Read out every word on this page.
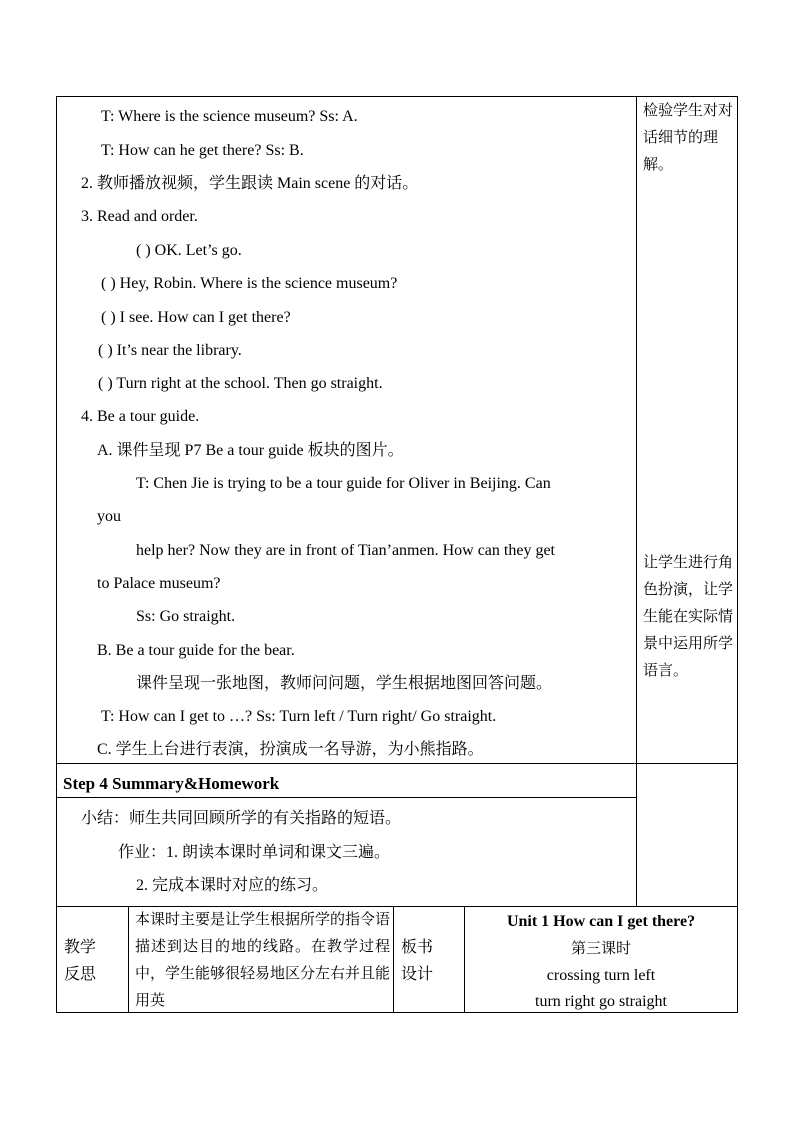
T: Where is the science museum? Ss: A.
T: How can he get there? Ss: B.
2. 教师播放视频，学生跟读 Main scene 的对话。
3. Read and order.
( ) OK. Let’s go.
( ) Hey, Robin. Where is the science museum?
( ) I see. How can I get there?
( ) It’s near the library.
( ) Turn right at the school. Then go straight.
4. Be a tour guide.
A. 课件呈现 P7 Be a tour guide 板块的图片。
T: Chen Jie is trying to be a tour guide for Oliver in Beijing. Can
you
help her? Now they are in front of Tian’anmen. How can they get
to Palace museum?
Ss: Go straight.
B. Be a tour guide for the bear.
课件呈现一张地图，教师问问题，学生根据地图回答问题。
T: How can I get to …? Ss: Turn left / Turn right/ Go straight.
C. 学生上台进行表演，扮演成一名导游，为小熊指路。
检验学生对对话细节的理解。
让学生进行角色扮演，让学生能在实际情景中运用所学语言。
Step 4 Summary&Homework
小结：师生共同回顾所学的有关指路的短语。
作业：1. 朗读本课时单词和课文三遍。
2. 完成本课时对应的练习。
教学反思
本课时主要是让学生根据所学的指令语描述到达目的地的线路。在教学过程中，学生能够很轻易地区分左右并且能用英
板书设计
Unit 1 How can I get there?
第三课时
crossing turn left
turn right go straight
